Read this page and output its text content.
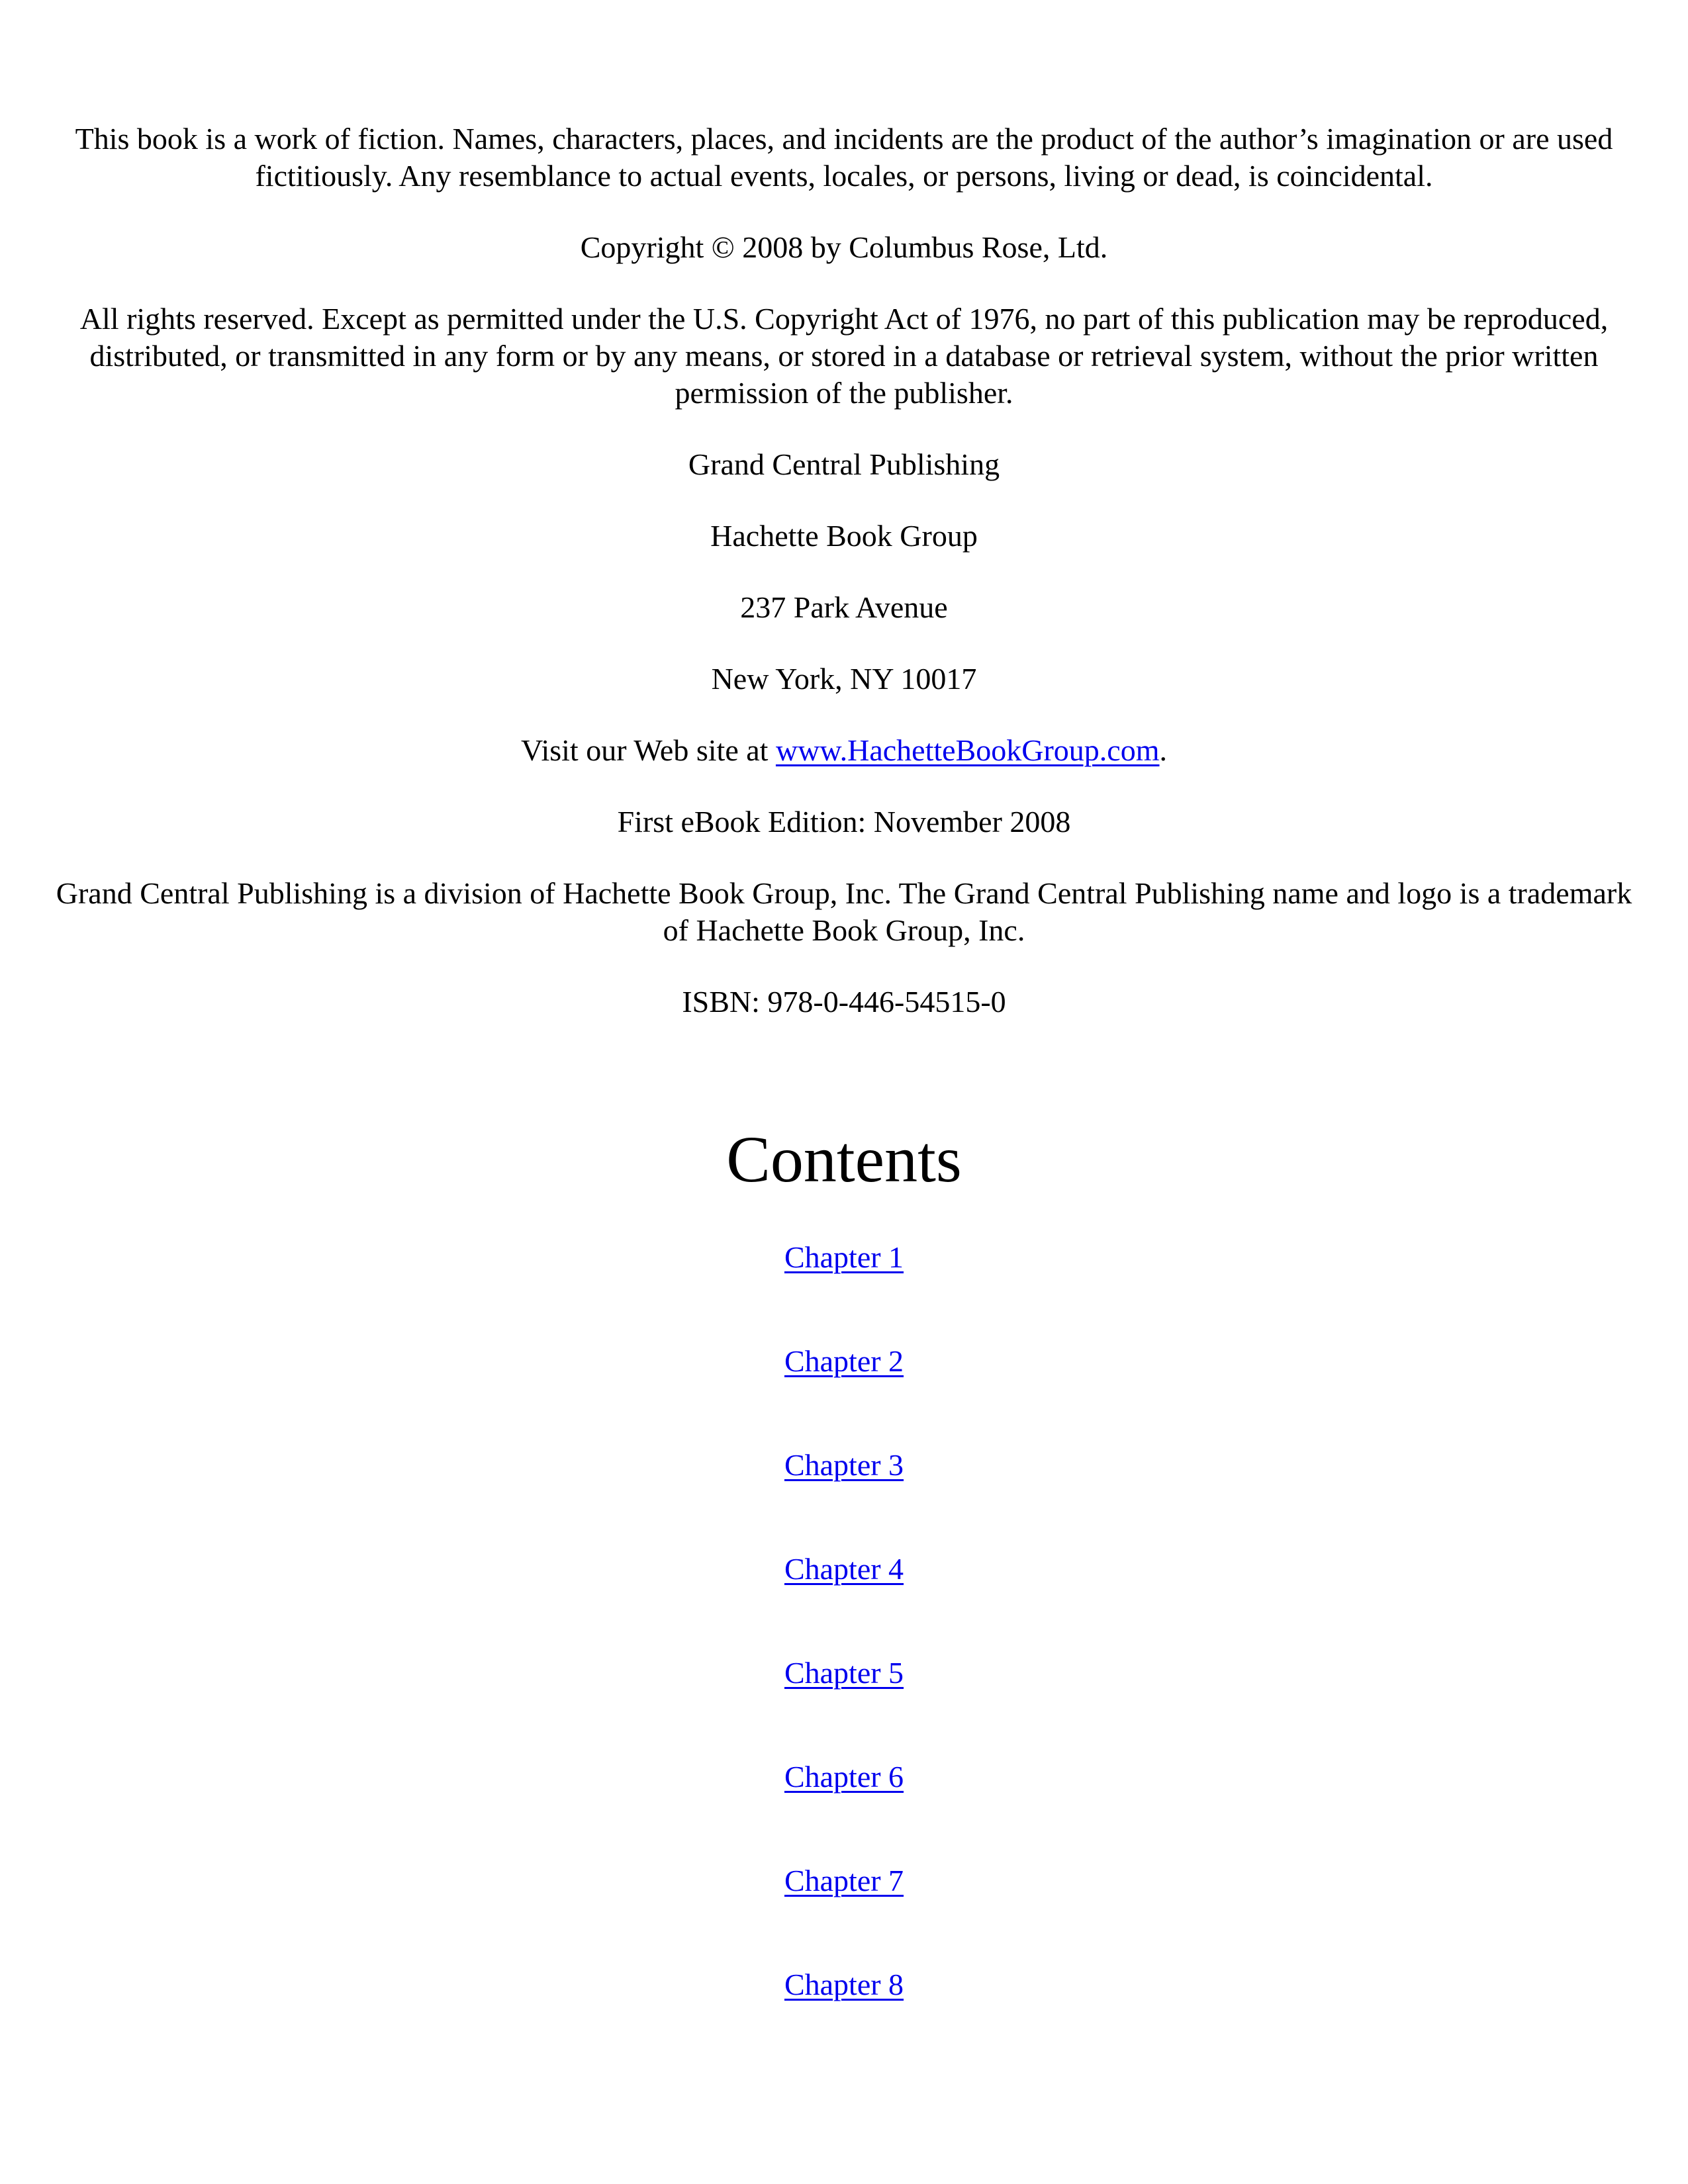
This book is a work of fiction. Names, characters, places, and incidents are the product of the author’s imagination or are used fictitiously. Any resemblance to actual events, locales, or persons, living or dead, is coincidental.

Copyright © 2008 by Columbus Rose, Ltd.

All rights reserved. Except as permitted under the U.S. Copyright Act of 1976, no part of this publication may be reproduced, distributed, or transmitted in any form or by any means, or stored in a database or retrieval system, without the prior written permission of the publisher.

Grand Central Publishing

Hachette Book Group

237 Park Avenue

New York, NY 10017

Visit our Web site at www.HachetteBookGroup.com.

First eBook Edition: November 2008

Grand Central Publishing is a division of Hachette Book Group, Inc. The Grand Central Publishing name and logo is a trademark of Hachette Book Group, Inc.

ISBN: 978-0-446-54515-0

Contents
Chapter 1
Chapter 2
Chapter 3
Chapter 4
Chapter 5
Chapter 6
Chapter 7
Chapter 8
